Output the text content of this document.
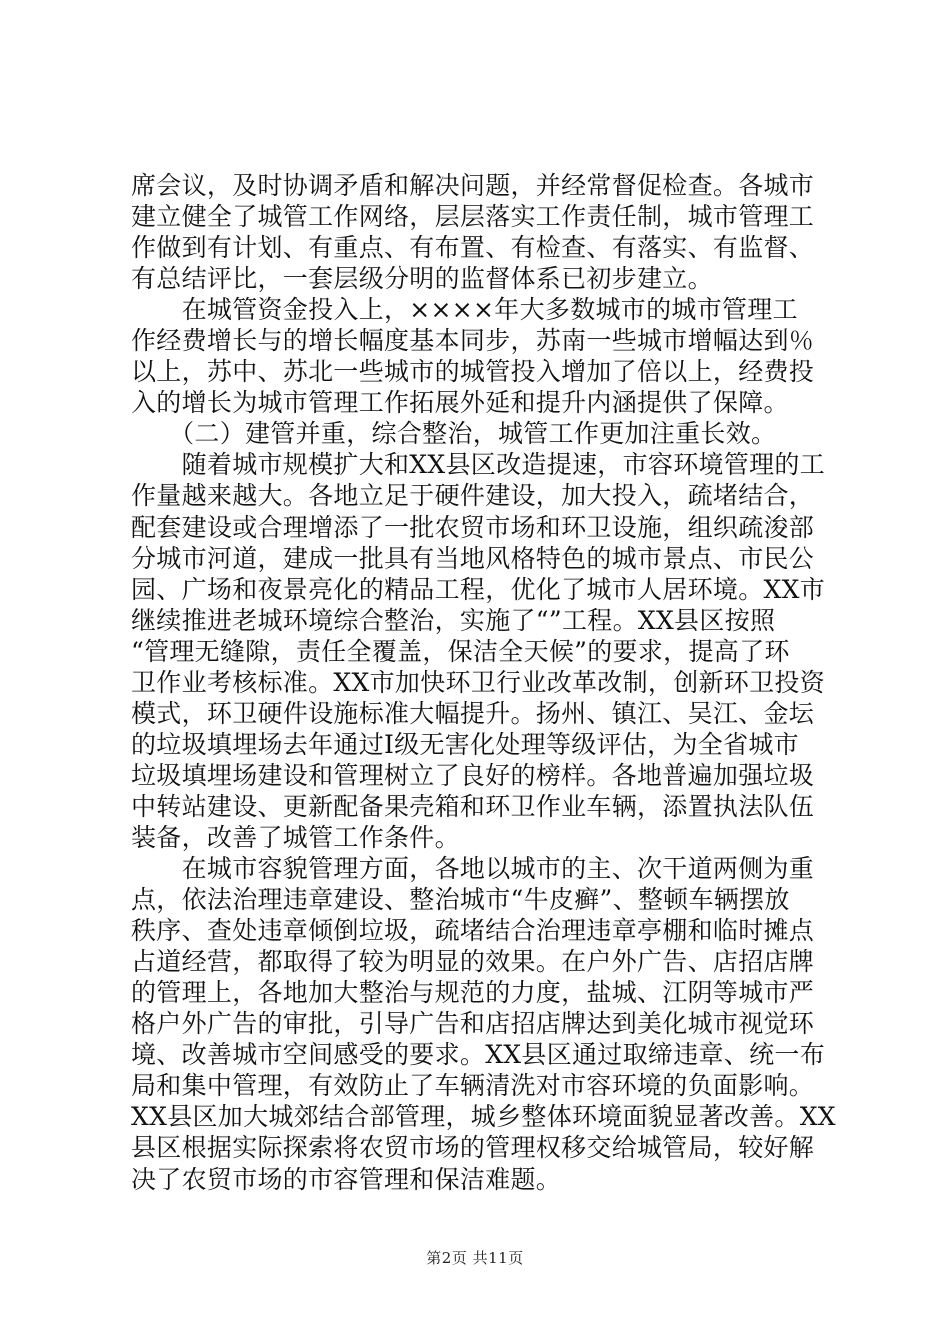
席会议，及时协调矛盾和解决问题，并经常督促检查。各城市
建立健全了城管工作网络，层层落实工作责任制，城市管理工
作做到有计划、有重点、有布置、有检查、有落实、有监督、
有总结评比，一套层级分明的监督体系已初步建立。
　　在城管资金投入上，××××年大多数城市的城市管理工
作经费增长与的增长幅度基本同步，苏南一些城市增幅达到％
以上，苏中、苏北一些城市的城管投入增加了倍以上，经费投
入的增长为城市管理工作拓展外延和提升内涵提供了保障。
　　（二）建管并重，综合整治，城管工作更加注重长效。
　　随着城市规模扩大和XX县区改造提速，市容环境管理的工
作量越来越大。各地立足于硬件建设，加大投入，疏堵结合，
配套建设或合理增添了一批农贸市场和环卫设施，组织疏浚部
分城市河道，建成一批具有当地风格特色的城市景点、市民公
园、广场和夜景亮化的精品工程，优化了城市人居环境。XX市
继续推进老城环境综合整治，实施了“”工程。XX县区按照
“管理无缝隙，责任全覆盖，保洁全天候”的要求，提高了环
卫作业考核标准。XX市加快环卫行业改革改制，创新环卫投资
模式，环卫硬件设施标准大幅提升。扬州、镇江、吴江、金坛
的垃圾填埋场去年通过Ⅰ级无害化处理等级评估，为全省城市
垃圾填埋场建设和管理树立了良好的榜样。各地普遍加强垃圾
中转站建设、更新配备果壳箱和环卫作业车辆，添置执法队伍
装备，改善了城管工作条件。
　　在城市容貌管理方面，各地以城市的主、次干道两侧为重
点，依法治理违章建设、整治城市“牛皮癣”、整顿车辆摆放
秩序、查处违章倾倒垃圾，疏堵结合治理违章亭棚和临时摊点
占道经营，都取得了较为明显的效果。在户外广告、店招店牌
的管理上，各地加大整治与规范的力度，盐城、江阴等城市严
格户外广告的审批，引导广告和店招店牌达到美化城市视觉环
境、改善城市空间感受的要求。XX县区通过取缔违章、统一布
局和集中管理，有效防止了车辆清洗对市容环境的负面影响。
XX县区加大城郊结合部管理，城乡整体环境面貌显著改善。XX
县区根据实际探索将农贸市场的管理权移交给城管局，较好解
决了农贸市场的市容管理和保洁难题。
第2页 共11页
